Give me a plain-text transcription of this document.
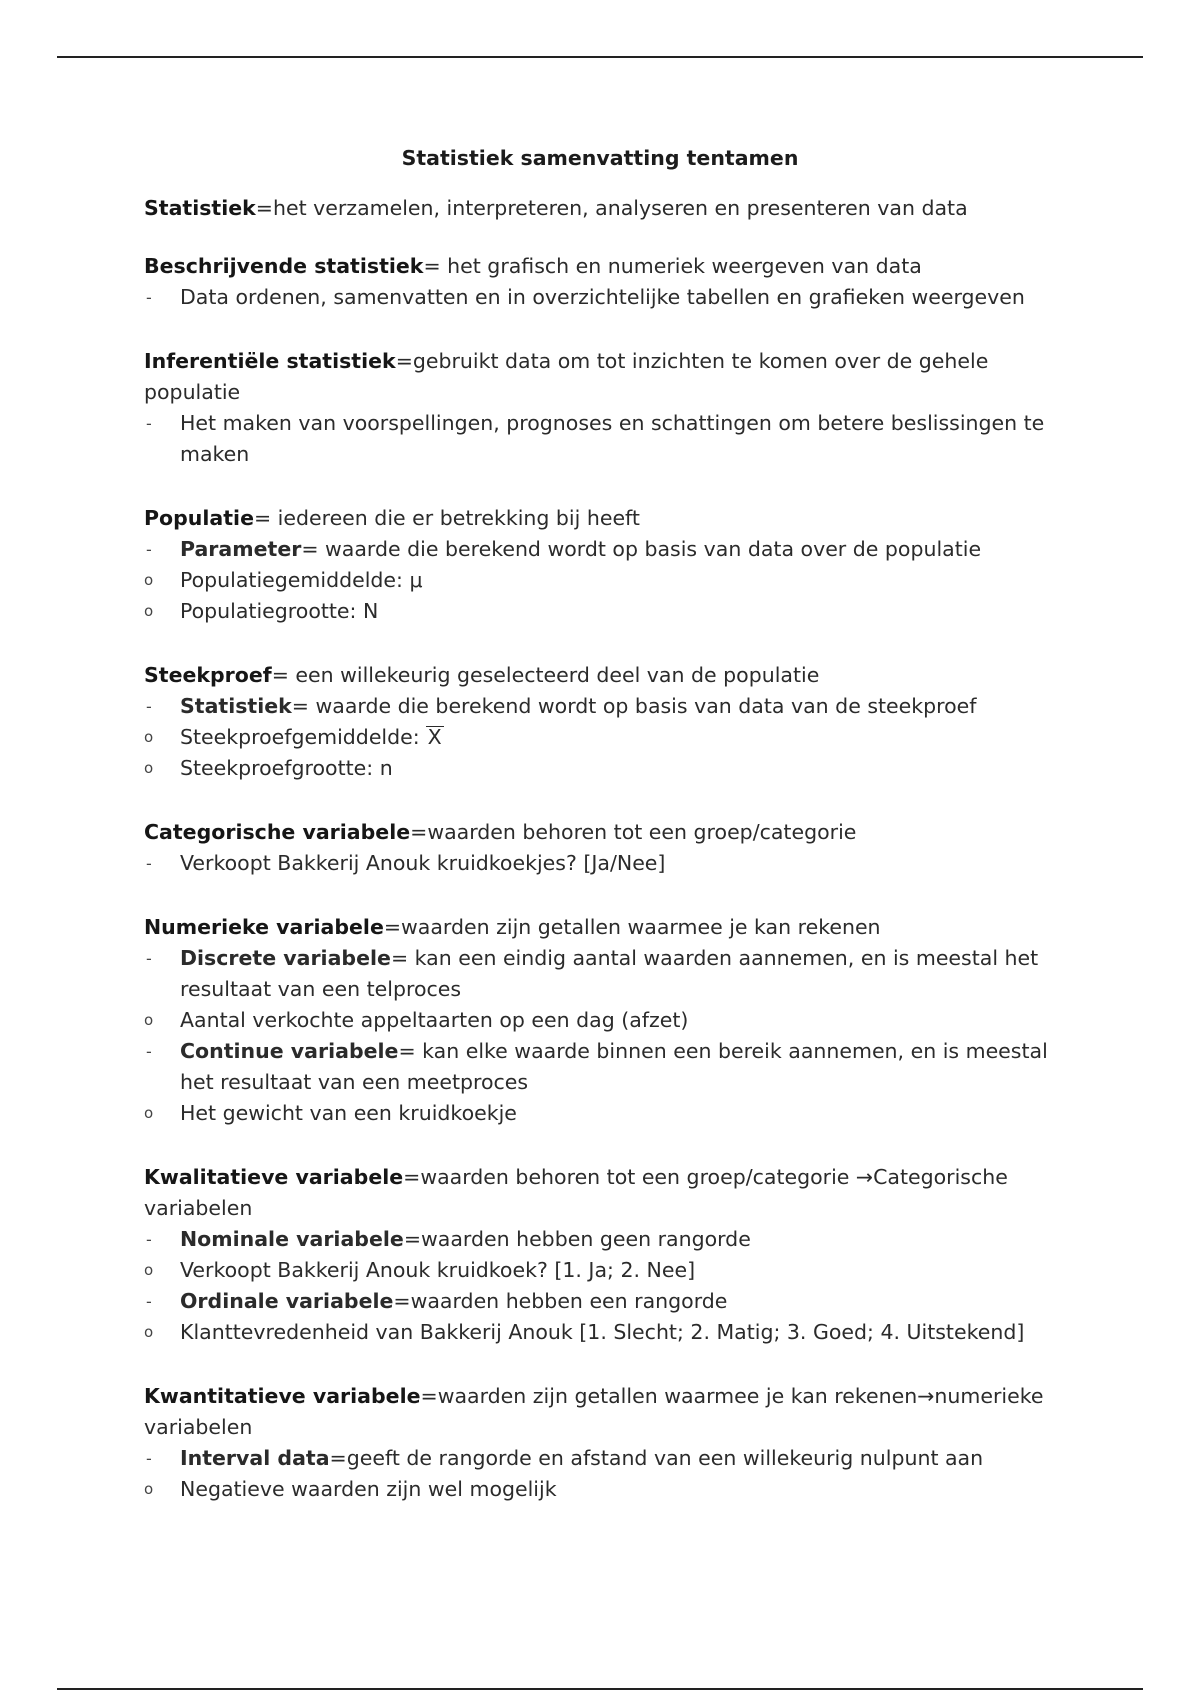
Statistiek samenvatting tentamen
Statistiek=het verzamelen, interpreteren, analyseren en presenteren van data
Beschrijvende statistiek= het grafisch en numeriek weergeven van data
-	Data ordenen, samenvatten en in overzichtelijke tabellen en grafieken weergeven
Inferentiële statistiek=gebruikt data om tot inzichten te komen over de gehele populatie
-	Het maken van voorspellingen, prognoses en schattingen om betere beslissingen te maken
Populatie= iedereen die er betrekking bij heeft
-	Parameter= waarde die berekend wordt op basis van data over de populatie
o	Populatiegemiddelde: μ
o	Populatiegrootte: N
Steekproef= een willekeurig geselecteerd deel van de populatie
-	Statistiek= waarde die berekend wordt op basis van data van de steekproef
o	Steekproefgemiddelde: X
o	Steekproefgrootte: n
Categorische variabele=waarden behoren tot een groep/categorie
-	Verkoopt Bakkerij Anouk kruidkoekjes? [Ja/Nee]
Numerieke variabele=waarden zijn getallen waarmee je kan rekenen
-	Discrete variabele= kan een eindig aantal waarden aannemen, en is meestal het resultaat van een telproces
o	Aantal verkochte appeltaarten op een dag (afzet)
-	Continue variabele= kan elke waarde binnen een bereik aannemen, en is meestal het resultaat van een meetproces
o	Het gewicht van een kruidkoekje
Kwalitatieve variabele=waarden behoren tot een groep/categorie →Categorische variabelen
-	Nominale variabele=waarden hebben geen rangorde
o	Verkoopt Bakkerij Anouk kruidkoek? [1. Ja; 2. Nee]
-	Ordinale variabele=waarden hebben een rangorde
o	Klanttevredenheid van Bakkerij Anouk [1. Slecht; 2. Matig; 3. Goed; 4. Uitstekend]
Kwantitatieve variabele=waarden zijn getallen waarmee je kan rekenen→numerieke variabelen
-	Interval data=geeft de rangorde en afstand van een willekeurig nulpunt aan
o	Negatieve waarden zijn wel mogelijk
